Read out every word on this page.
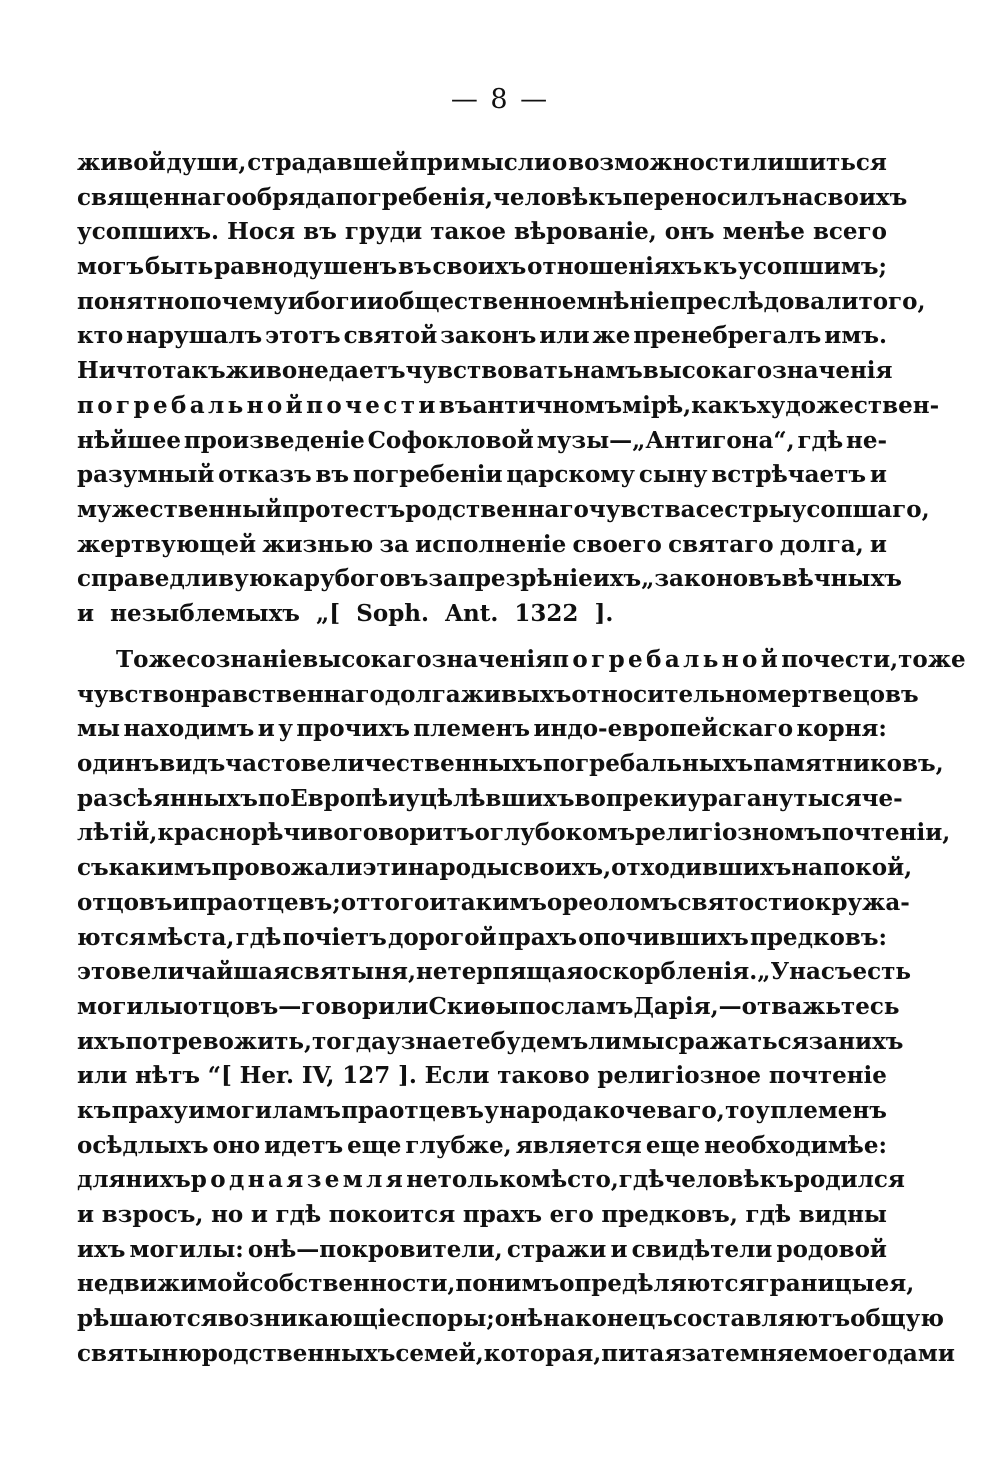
— 8 —
живой души, страдавшей при мысли о возможности лишиться
священнаго обряда погребенія, человѣкъ переносилъ на своихъ
усопшихъ. Нося въ груди такое вѣрованіе, онъ менѣе всего
могъ быть равнодушенъ въ своихъ отношеніяхъ къ усопшимъ;
понятно почему и боги и общественное мнѣніе преслѣдовали того,
кто нарушалъ этотъ святой законъ или же пренебрегалъ имъ.
Ничто такъ живо не даетъ чувствовать намъ высокаго значенія
погребальной почести въ античномъ мірѣ, какъ художествен-
нѣйшее произведеніе Софокловой музы—„Антигона“, гдѣ не-
разумный отказъ въ погребеніи царскому сыну встрѣчаетъ и
мужественный протестъ родственнаго чувства сестры усопшаго,
жертвующей жизнью за исполненіе своего святаго долга, и
справедливую кару боговъ за презрѣніе ихъ „законовъ вѣчныхъ
и незыблемыхъ „[ Soph. Ant. 1322 ].
То же сознаніе высокаго значенія погребальной почести, то же
чувство нравственнаго долга живыхъ относительно мертвецовъ
мы находимъ и у прочихъ племенъ индо-европейскаго корня:
одинъ видъ часто величественныхъ погребальныхъ памятниковъ,
разсѣянныхъ по Европѣ и уцѣлѣвшихъ вопреки урагану тысяче-
лѣтій, краснорѣчиво говоритъ о глубокомъ религіозномъ почтеніи,
съ какимъ провожали эти народы своихъ, отходившихъ на покой,
отцовъ и праотцевъ; оттого и такимъ ореоломъ святости окружа-
ются мѣста, гдѣ почіетъ дорогой прахъ опочившихъ предковъ:
это величайшая святыня, не терпящая оскорбленія. „У насъ есть
могилы отцовъ—говорили Скиѳы посламъ Дарія,—отважьтесь
ихъ потревожить, тогда узнаете будемъ ли мы сражаться за нихъ
или нѣтъ “[ Her. IV, 127 ]. Если таково религіозное почтеніе
къ праху и могиламъ праотцевъ у народа кочеваго, то у племенъ
осѣдлыхъ оно идетъ еще глубже, является еще необходимѣе:
для нихъ родная земля не только мѣсто, гдѣ человѣкъ родился
и взросъ, но и гдѣ покоится прахъ его предковъ, гдѣ видны
ихъ могилы: онѣ—покровители, стражи и свидѣтели родовой
недвижимой собственности, по нимъ опредѣляются границы ея,
рѣшаются возникающіе споры; онѣ наконецъ составляютъ общую
святыню родственныхъ семей, которая, питая затемняемое годами
